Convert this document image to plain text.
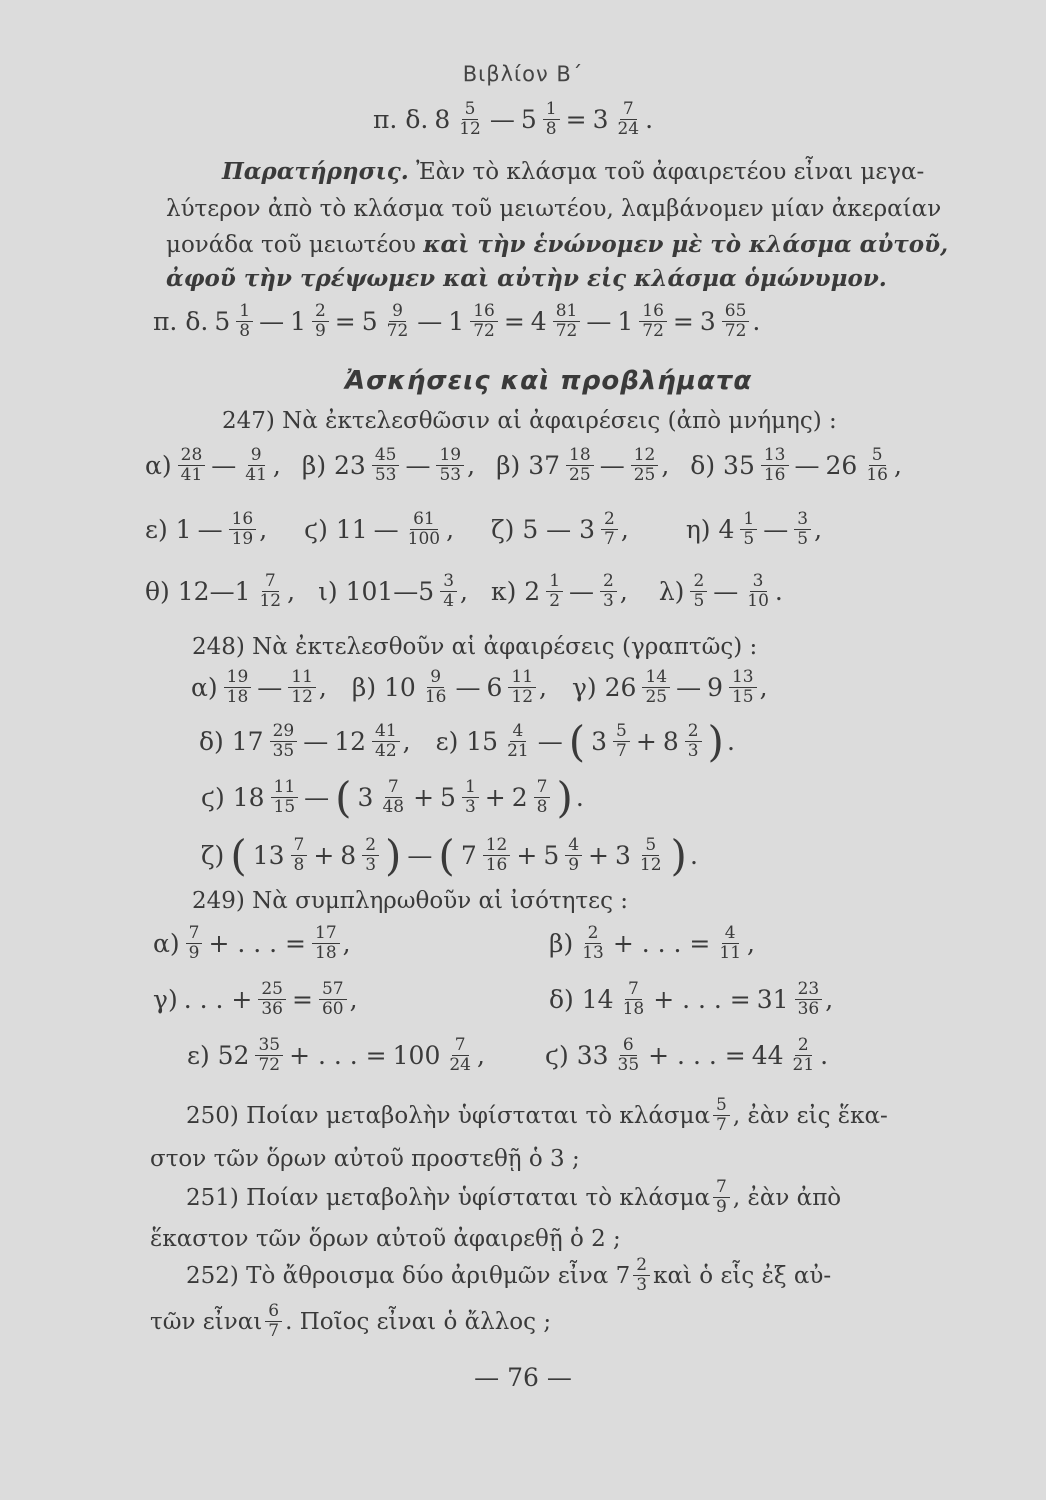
Βιβλίον Β΄
π. δ. $8 \frac{5}{12}$ — $5 \frac{1}{8} = 3 \frac{7}{24}$ .
Παρατήρησις. Ἐὰν τὸ κλάσμα τοῦ ἀφαιρετέου εἶναι μεγα-
λύτερον ἀπὸ τὸ κλάσμα τοῦ μειωτέου, λαμβάνομεν μίαν ἀκεραίαν
μονάδα τοῦ μειωτέου καὶ τὴν ἑνώνομεν μὲ τὸ κλάσμα αὐτοῦ,
ἀφοῦ τὴν τρέψωμεν καὶ αὐτὴν εἰς κλάσμα ὁμώνυμον.
π. δ. $5 \frac{1}{8}$ — $1 \frac{2}{9} = 5 \frac{9}{72}$ — $1 \frac{16}{72} = 4 \frac{81}{72}$ — $1 \frac{16}{72} = 3 \frac{65}{72}$ .
Ἀσκήσεις καὶ προβλήματα
247) Νὰ ἐκτελεσθῶσιν αἱ ἀφαιρέσεις (ἀπὸ μνήμης) :
$\alpha) \frac{28}{41}$ — $\frac{9}{41}$ , β) $23 \frac{45}{53}$ — $\frac{19}{53}$ , β) $37 \frac{18}{25}$ — $\frac{12}{25}$ , δ) $35 \frac{13}{16}$ — $26 \frac{5}{16}$ ,
ε) 1 — $\frac{16}{19}$ , ϛ) 11 — $\frac{61}{100}$ , ζ) 5 — $3 \frac{2}{7}$ , η) $4 \frac{1}{5}$ — $\frac{3}{5}$ ,
θ) 12—1 $\frac{7}{12}$ , ι) 101—5 $\frac{3}{4}$ , κ) $2 \frac{1}{2}$ — $\frac{2}{3}$ , $\lambda) \frac{2}{5}$ — $\frac{3}{10}$ .
248) Νὰ ἐκτελεσθοῦν αἱ ἀφαιρέσεις (γραπτῶς) :
$\alpha) \frac{19}{18}$ — $\frac{11}{12}$ , β) $10 \frac{9}{16}$ — $6 \frac{11}{12}$ , γ) $26 \frac{14}{25}$ — $9 \frac{13}{15}$ ,
δ) $17 \frac{29}{35}$ — $12 \frac{41}{42}$ , ε) $15 \frac{4}{21}$ — ( $3 \frac{5}{7} + 8 \frac{2}{3}$ ) .
ϛ) $18 \frac{11}{15}$ — ( $3 \frac{7}{48} + 5 \frac{1}{3} + 2 \frac{7}{8}$ ) .
ζ) ( $13 \frac{7}{8} + 8 \frac{2}{3}$ ) — ( $7 \frac{12}{16} + 5 \frac{4}{9} + 3 \frac{5}{12}$ ) .
249) Νὰ συμπληρωθοῦν αἱ ἰσότητες :
$\alpha) \frac{7}{9}$ + . . . = $\frac{17}{18}$ ,	$\beta) \frac{2}{13}$ + . . . = $\frac{4}{11}$ ,
γ) . . . + $\frac{25}{36} = \frac{57}{60}$ ,	δ) $14 \frac{7}{18}$ + . . . = $31 \frac{23}{36}$ ,
ε) $52 \frac{35}{72}$ + . . . = $100 \frac{7}{24}$ , ϛ) $33 \frac{6}{35}$ + . . . = $44 \frac{2}{21}$ .
250) Ποίαν μεταβολὴν ὑφίσταται τὸ κλάσμα $\frac{5}{7}$ , ἐὰν εἰς ἕκα-
στον τῶν ὅρων αὐτοῦ προστεθῇ ὁ 3 ;
251) Ποίαν μεταβολὴν ὑφίσταται τὸ κλάσμα $\frac{7}{9}$ , ἐὰν ἀπὸ
ἕκαστον τῶν ὅρων αὐτοῦ ἀφαιρεθῇ ὁ 2 ;
252) Τὸ ἄθροισμα δύο ἀριθμῶν εἶνα $7 \frac{2}{3}$ καὶ ὁ εἷς ἐξ αὐ-
τῶν εἶναι $\frac{6}{7}$ . Ποῖος εἶναι ὁ ἄλλος ;
— 76 —
